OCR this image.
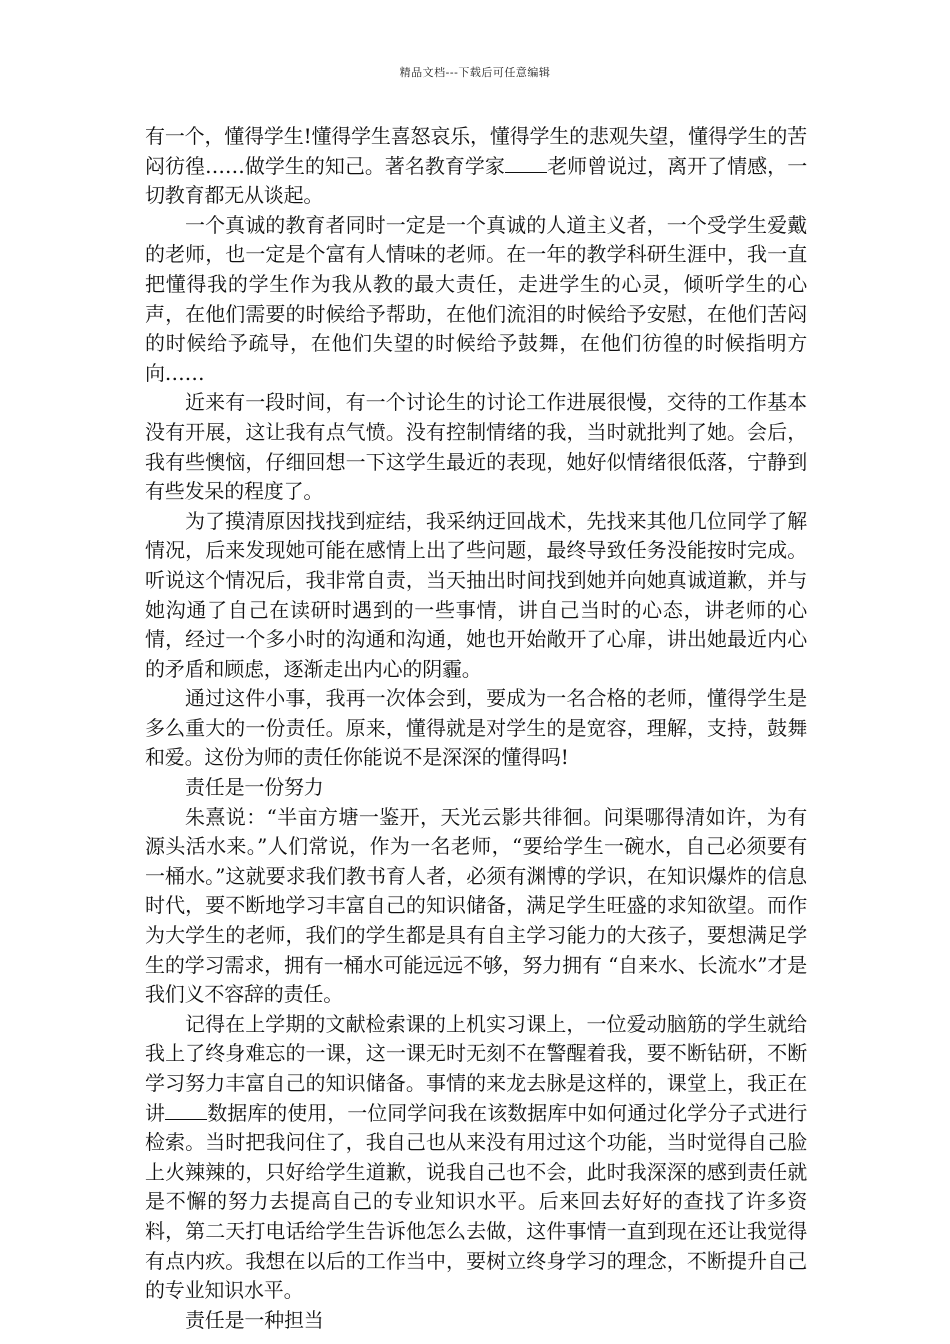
精品文档---下载后可任意编辑

有一个，懂得学生!懂得学生喜怒哀乐，懂得学生的悲观失望，懂得学生的苦闷彷徨……做学生的知己。著名教育学家 老师曾说过，离开了情感，一切教育都无从谈起。

一个真诚的教育者同时一定是一个真诚的人道主义者，一个受学生爱戴的老师，也一定是个富有人情味的老师。在一年的教学科研生涯中，我一直把懂得我的学生作为我从教的最大责任，走进学生的心灵，倾听学生的心声，在他们需要的时候给予帮助，在他们流泪的时候给予安慰，在他们苦闷的时候给予疏导，在他们失望的时候给予鼓舞，在他们彷徨的时候指明方向……

近来有一段时间，有一个讨论生的讨论工作进展很慢，交待的工作基本没有开展，这让我有点气愤。没有控制情绪的我，当时就批判了她。会后，我有些懊恼，仔细回想一下这学生最近的表现，她好似情绪很低落，宁静到有些发呆的程度了。

为了摸清原因找找到症结，我采纳迂回战术，先找来其他几位同学了解情况，后来发现她可能在感情上出了些问题，最终导致任务没能按时完成。听说这个情况后，我非常自责，当天抽出时间找到她并向她真诚道歉，并与她沟通了自己在读研时遇到的一些事情，讲自己当时的心态，讲老师的心情，经过一个多小时的沟通和沟通，她也开始敞开了心扉，讲出她最近内心的矛盾和顾虑，逐渐走出内心的阴霾。

通过这件小事，我再一次体会到，要成为一名合格的老师，懂得学生是多么重大的一份责任。原来，懂得就是对学生的是宽容，理解，支持，鼓舞和爱。这份为师的责任你能说不是深深的懂得吗!

责任是一份努力

朱熹说：“半亩方塘一鉴开，天光云影共徘徊。问渠哪得清如许，为有源头活水来。”人们常说，作为一名老师，“要给学生一碗水，自己必须要有一桶水。”这就要求我们教书育人者，必须有渊博的学识，在知识爆炸的信息时代，要不断地学习丰富自己的知识储备，满足学生旺盛的求知欲望。而作为大学生的老师，我们的学生都是具有自主学习能力的大孩子，要想满足学生的学习需求，拥有一桶水可能远远不够，努力拥有 “自来水、长流水”才是我们义不容辞的责任。

记得在上学期的文献检索课的上机实习课上，一位爱动脑筋的学生就给我上了终身难忘的一课，这一课无时无刻不在警醒着我，要不断钻研，不断学习努力丰富自己的知识储备。事情的来龙去脉是这样的，课堂上，我正在讲 数据库的使用，一位同学问我在该数据库中如何通过化学分子式进行检索。当时把我问住了，我自己也从来没有用过这个功能，当时觉得自己脸上火辣辣的，只好给学生道歉，说我自己也不会，此时我深深的感到责任就是不懈的努力去提高自己的专业知识水平。后来回去好好的查找了许多资料，第二天打电话给学生告诉他怎么去做，这件事情一直到现在还让我觉得有点内疚。我想在以后的工作当中，要树立终身学习的理念，不断提升自己的专业知识水平。

责任是一种担当
